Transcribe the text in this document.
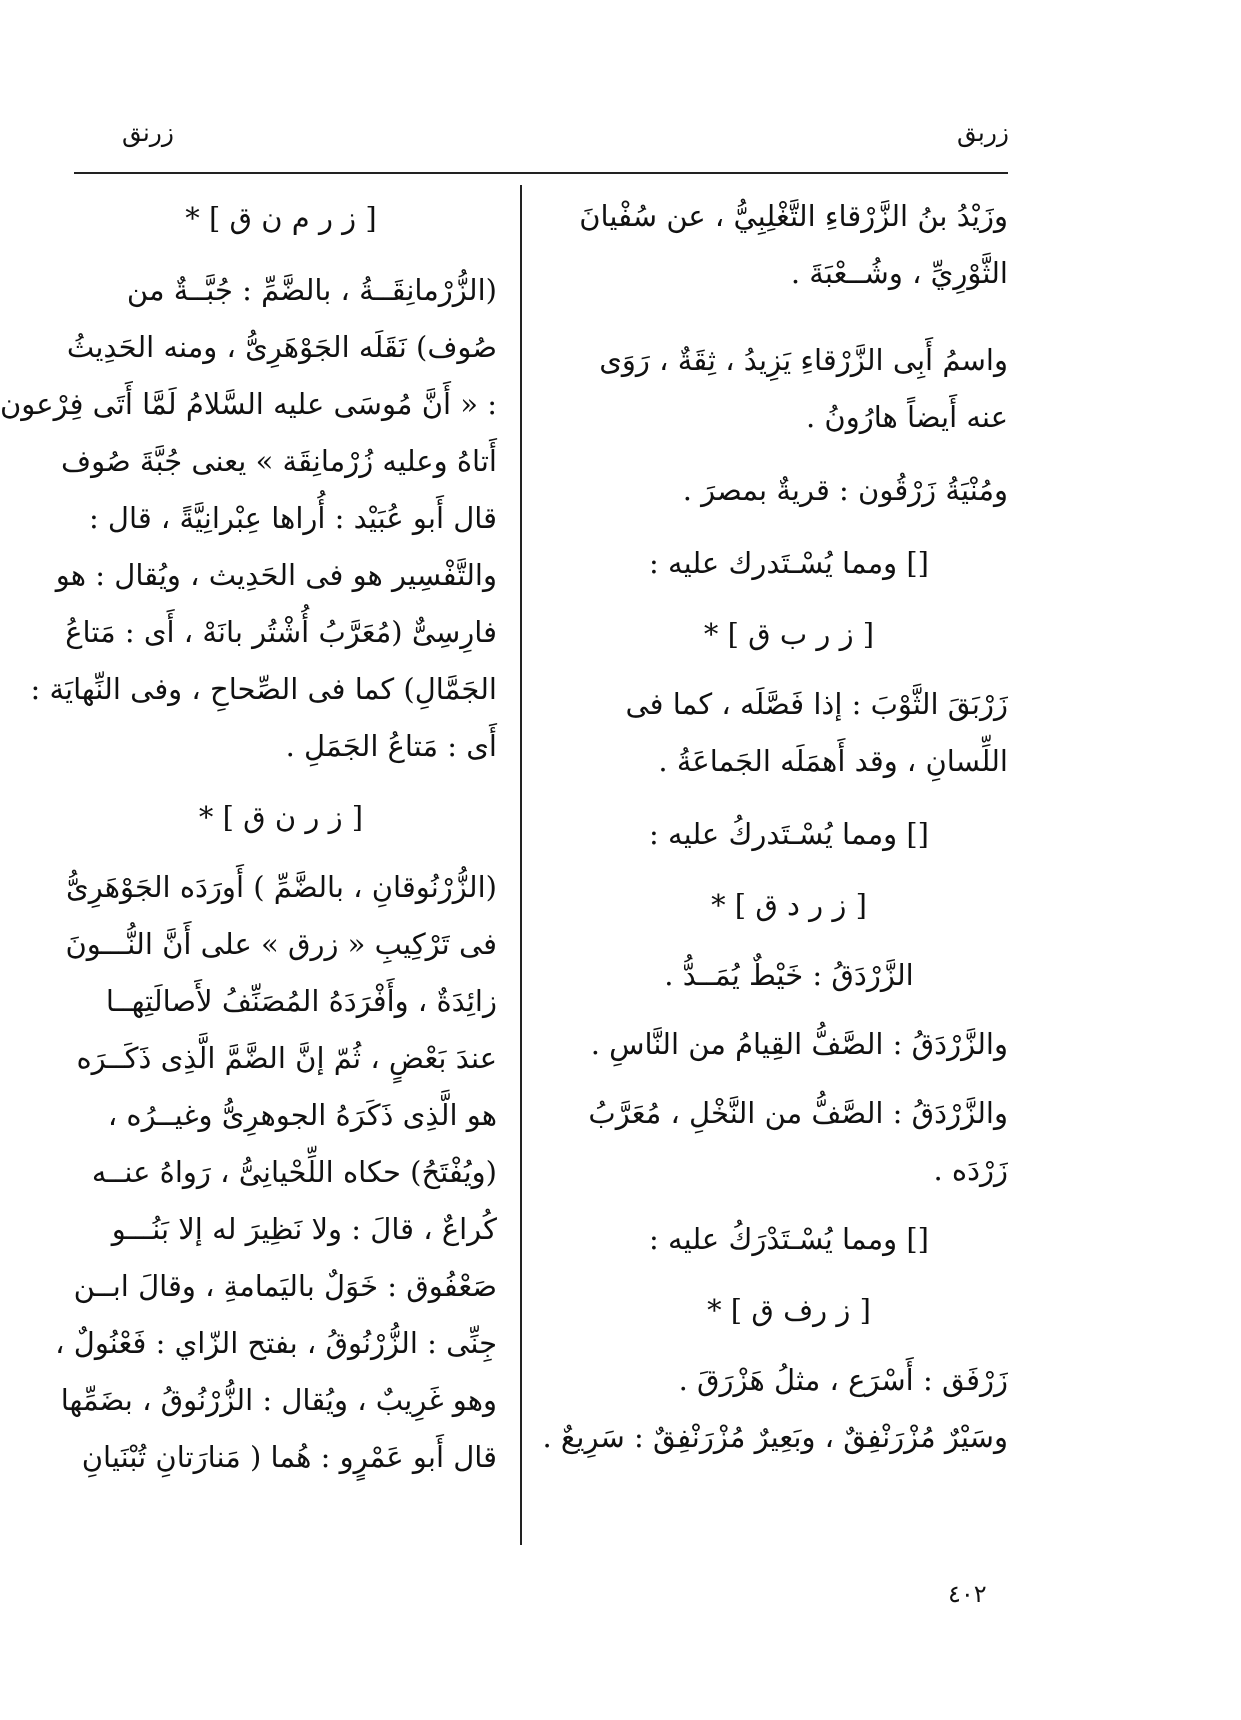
زربق
زرنق
وزَيْدُ بنُ الزَّرْقاءِ التَّغْلِبِيُّ ، عن سُفْيانَ
الثَّوْرِيِّ ، وشُــعْبَةَ .
واسمُ أَبِى الزَّرْقاءِ يَزِيدُ ، ثِقَةٌ ، رَوَى
عنه أَيضاً هارُونُ .
ومُنْيَةُ زَرْقُون : قريةٌ بمصرَ .
[] ومما يُسْـتَدرك عليه :
[ ز ر ب ق ] *
زَرْبَقَ الثَّوْبَ : إذا فَصَّلَه ، كما فى
اللِّسانِ ، وقد أَهمَلَه الجَماعَةُ .
[] ومما يُسْـتَدركُ عليه :
[ ز ر د ق ] *
الزَّرْدَقُ : خَيْطٌ يُمَــدُّ .
والزَّرْدَقُ : الصَّفُّ القِيامُ من النَّاسِ .
والزَّرْدَقُ : الصَّفُّ من النَّخْلِ ، مُعَرَّبُ
زَرْدَه .
[] ومما يُسْـتَدْرَكُ عليه :
[ ز رف ق ] *
زَرْفَق : أَسْرَع ، مثلُ هَزْرَقَ .
وسَيْرٌ مُزْرَنْفِقٌ ، وبَعِيرٌ مُزْرَنْفِقٌ : سَرِيعٌ .
[ ز ر م ن ق ] *
(الزُّرْمانِقَــةُ ، بالضَّمِّ : جُبَّــةٌ من
صُوف) نَقَلَه الجَوْهَرِىُّ ، ومنه الحَدِيثُ
: « أَنَّ مُوسَى عليه السَّلامُ لَمَّا أَتَى فِرْعون
أَتاهُ وعليه زُرْمانِقَة » يعنى جُبَّةَ صُوف
قال أَبو عُبَيْد : أُراها عِبْرانِيَّةً ، قال :
والتَّفْسِير هو فى الحَدِيث ، ويُقال : هو
فارِسِىٌّ (مُعَرَّبُ أُشْتُر بانَهْ ، أَى : مَتاعُ
الجَمَّالِ) كما فى الصِّحاحِ ، وفى النِّهايَة :
أَى : مَتاعُ الجَمَلِ .
[ ز ر ن ق ] *
(الزُّرْنُوقانِ ، بالضَّمِّ ) أَورَدَه الجَوْهَرِىُّ
فى تَرْكِيبِ « زرق » على أَنَّ النُّـــونَ
زائِدَةٌ ، وأَفْرَدَهُ المُصَنِّفُ لأَصالَتِهــا
عندَ بَعْضٍ ، ثُمّ إنَّ الضَّمَّ الَّذِى ذَكَــرَه
هو الَّذِى ذَكَرَهُ الجوهرِىُّ وغيــرُه ،
(ويُفْتَحُ) حكاه اللِّحْيانِىُّ ، رَواهُ عنــه
كُراعٌ ، قالَ : ولا نَظِيرَ له إلا بَنُـــو
صَعْفُوق : خَوَلٌ باليَمامةِ ، وقالَ ابــن
جِنِّى : الزُّرْنُوقُ ، بفتح الزّاي : فَعْنُولٌ ،
وهو غَرِيبٌ ، ويُقال : الزُّرْنُوقُ ، بضَمِّها
قال أَبو عَمْرٍو : هُما ( مَنارَتانِ تُبْنَيانِ
٤٠٢
